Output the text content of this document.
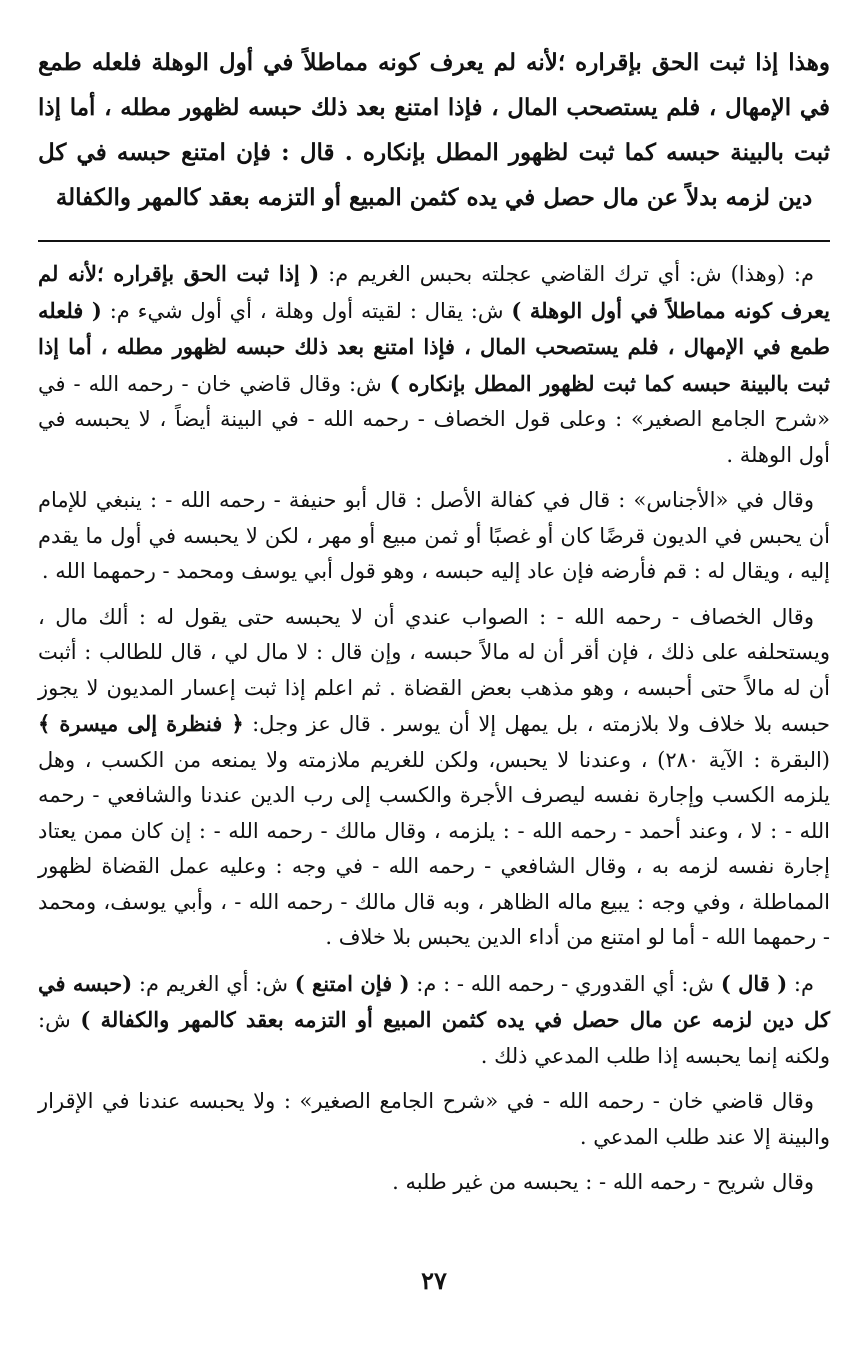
وهذا إذا ثبت الحق بإقراره ؛لأنه لم يعرف كونه مماطلاً في أول الوهلة فلعله طمع في الإمهال ، فلم يستصحب المال ، فإذا امتنع بعد ذلك حبسه لظهور مطله ، أما إذا ثبت بالبينة حبسه كما ثبت لظهور المطل بإنكاره . قال : فإن امتنع حبسه في كل دين لزمه بدلاً عن مال حصل في يده كثمن المبيع أو التزمه بعقد كالمهر والكفالة

م: (وهذا) ش: أي ترك القاضي عجلته بحبس الغريم م: ( إذا ثبت الحق بإقراره ؛لأنه لم يعرف كونه مماطلاً في أول الوهلة ) ش: يقال : لقيته أول وهلة ، أي أول شيء م: ( فلعله طمع في الإمهال ، فلم يستصحب المال ، فإذا امتنع بعد ذلك حبسه لظهور مطله ، أما إذا ثبت بالبينة حبسه كما ثبت لظهور المطل بإنكاره ) ش: وقال قاضي خان - رحمه الله - في «شرح الجامع الصغير» : وعلى قول الخصاف - رحمه الله - في البينة أيضاً ، لا يحبسه في أول الوهلة .

وقال في «الأجناس» : قال في كفالة الأصل : قال أبو حنيفة - رحمه الله - : ينبغي للإمام أن يحبس في الديون قرضًا كان أو غصبًا أو ثمن مبيع أو مهر ، لكن لا يحبسه في أول ما يقدم إليه ، ويقال له : قم فأرضه فإن عاد إليه حبسه ، وهو قول أبي يوسف ومحمد - رحمهما الله .

وقال الخصاف - رحمه الله - : الصواب عندي أن لا يحبسه حتى يقول له : ألك مال ، ويستحلفه على ذلك ، فإن أقر أن له مالاً حبسه ، وإن قال : لا مال لي ، قال للطالب : أثبت أن له مالاً حتى أحبسه ، وهو مذهب بعض القضاة . ثم اعلم إذا ثبت إعسار المديون لا يجوز حبسه بلا خلاف ولا بلازمته ، بل يمهل إلا أن يوسر . قال عز وجل: ﴿ فنظرة إلى ميسرة ﴾ (البقرة : الآية ٢٨٠) ، وعندنا لا يحبس، ولكن للغريم ملازمته ولا يمنعه من الكسب ، وهل يلزمه الكسب وإجارة نفسه ليصرف الأجرة والكسب إلى رب الدين عندنا والشافعي - رحمه الله - : لا ، وعند أحمد - رحمه الله - : يلزمه ، وقال مالك - رحمه الله - : إن كان ممن يعتاد إجارة نفسه لزمه به ، وقال الشافعي - رحمه الله - في وجه : وعليه عمل القضاة لظهور المماطلة ، وفي وجه : يبيع ماله الظاهر ، وبه قال مالك - رحمه الله - ، وأبي يوسف، ومحمد - رحمهما الله - أما لو امتنع من أداء الدين يحبس بلا خلاف .

م: ( قال ) ش: أي القدوري - رحمه الله - : م: ( فإن امتنع ) ش: أي الغريم م: (حبسه في كل دين لزمه عن مال حصل في يده كثمن المبيع أو التزمه بعقد كالمهر والكفالة ) ش: ولكنه إنما يحبسه إذا طلب المدعي ذلك .

وقال قاضي خان - رحمه الله - في «شرح الجامع الصغير» : ولا يحبسه عندنا في الإقرار والبينة إلا عند طلب المدعي .

وقال شريح - رحمه الله - : يحبسه من غير طلبه .

٢٧
